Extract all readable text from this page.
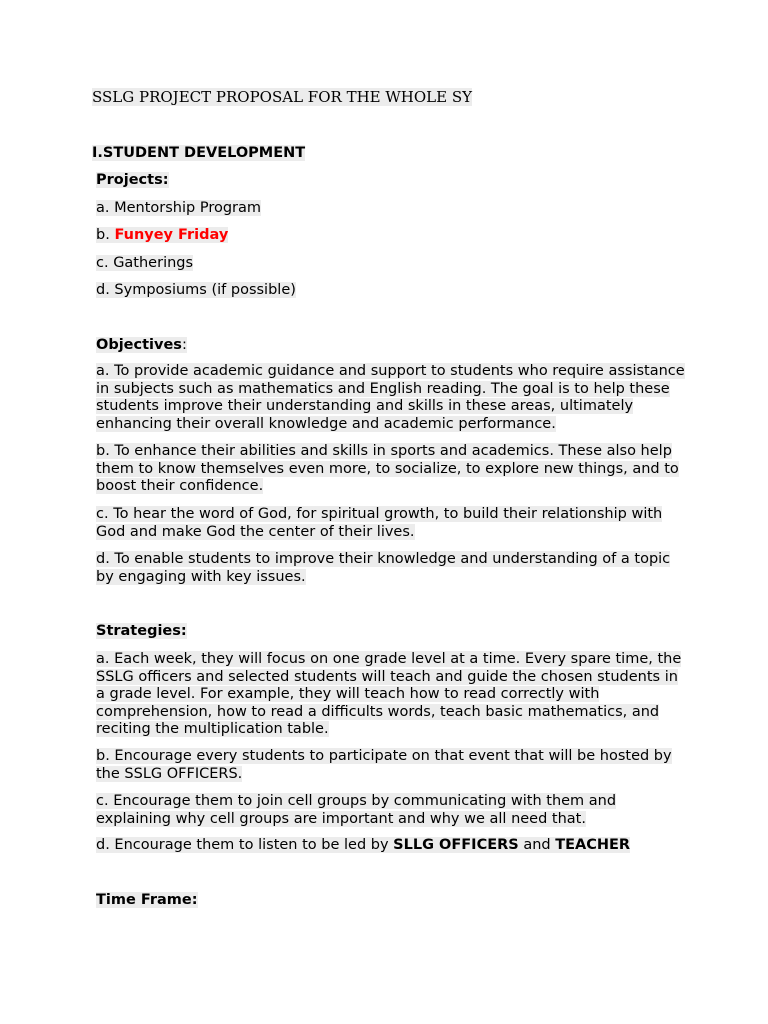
SSLG PROJECT PROPOSAL FOR THE WHOLE SY
I.STUDENT DEVELOPMENT
Projects:
a. Mentorship Program
b. Funyey Friday
c. Gatherings
d. Symposiums (if possible)
Objectives:
a. To provide academic guidance and support to students who require assistance in subjects such as mathematics and English reading. The goal is to help these students improve their understanding and skills in these areas, ultimately enhancing their overall knowledge and academic performance.
b. To enhance their abilities and skills in sports and academics. These also help them to know themselves even more, to socialize, to explore new things, and to boost their confidence.
c. To hear the word of God, for spiritual growth, to build their relationship with God and make God the center of their lives.
d. To enable students to improve their knowledge and understanding of a topic by engaging with key issues.
Strategies:
a. Each week, they will focus on one grade level at a time. Every spare time, the SSLG officers and selected students will teach and guide the chosen students in a grade level. For example, they will teach how to read correctly with comprehension, how to read a difficults words, teach basic mathematics, and reciting the multiplication table.
b. Encourage every students to participate on that event that will be hosted by the SSLG OFFICERS.
c. Encourage them to join cell groups by communicating with them and explaining why cell groups are important and why we all need that.
d. Encourage them to listen to be led by SLLG OFFICERS and TEACHER
Time Frame:
